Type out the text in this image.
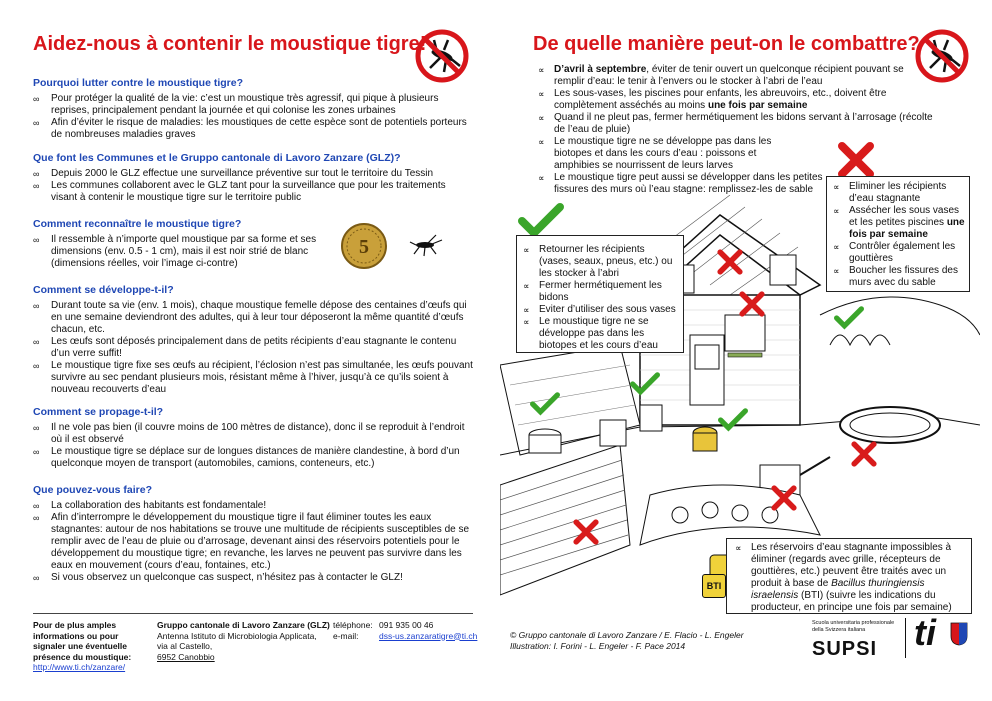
Aidez-nous à contenir le moustique tigre!
Pourquoi lutter contre le moustique tigre?
∞ Pour protéger la qualité de la vie: c’est un moustique très agressif, qui pique à plusieurs reprises, principalement pendant la journée et qui colonise les zones urbaines
∞ Afin d’éviter le risque de maladies: les moustiques de cette espèce sont de potentiels porteurs de nombreuses maladies graves
Que font les Communes et le Gruppo cantonale di Lavoro Zanzare (GLZ)?
∞ Depuis 2000 le GLZ effectue une surveillance préventive sur tout le territoire du Tessin
∞ Les communes collaborent avec le GLZ tant pour la surveillance que pour les traitements visant à contenir le moustique tigre sur le territoire public
Comment reconnaître le moustique tigre?
∞ Il ressemble à n’importe quel moustique par sa forme et ses dimensions (env. 0.5 - 1 cm), mais il est noir strié de blanc (dimensions réelles, voir l’image ci-contre)
5
Comment se développe-t-il?
∞ Durant toute sa vie (env. 1 mois), chaque moustique femelle dépose des centaines d’œufs qui en une semaine deviendront des adultes, qui à leur tour déposeront la même quantité d’œufs chacun, etc.
∞ Les œufs sont déposés principalement dans de petits récipients d’eau stagnante le contenu d’un verre suffit!
∞ Le moustique tigre fixe ses œufs au récipient, l’éclosion n’est pas simultanée, les œufs pouvant survivre au sec pendant plusieurs mois, résistant même à l’hiver, jusqu’à ce qu’ils soient à nouveau recouverts d’eau
Comment se propage-t-il?
∞ Il ne vole pas bien (il couvre moins de 100 mètres de distance), donc il se reproduit à l’endroit où il est observé
∞ Le moustique tigre se déplace sur de longues distances de manière clandestine, à bord d’un quelconque moyen de transport (automobiles, camions, conteneurs, etc.)
Que pouvez-vous faire?
∞ La collaboration des habitants est fondamentale!
∞ Afin d’interrompre le développement du moustique tigre il faut éliminer toutes les eaux stagnantes: autour de nos habitations se trouve une multitude de récipients susceptibles de se remplir avec de l’eau de pluie ou d’arrosage, devenant ainsi des réservoirs potentiels pour le développement du moustique tigre; en revanche, les larves ne peuvent pas survivre dans les eaux en mouvement (cours d’eau, fontaines, etc.)
∞ Si vous observez un quelconque cas suspect, n’hésitez pas à contacter le GLZ!
Pour de plus amples informations ou pour signaler une éventuelle présence du moustique:
http://www.ti.ch/zanzare/
Gruppo cantonale di Lavoro Zanzare (GLZ)
Antenna Istituto di Microbiologia Applicata,
via al Castello,
6952 Canobbio
téléphone: 091 935 00 46
e-mail: dss-us.zanzaratigre@ti.ch
De quelle manière peut-on le combattre?
∝ D’avril à septembre, éviter de tenir ouvert un quelconque récipient pouvant se remplir d’eau: le tenir à l’envers ou le stocker à l’abri de l’eau
∝ Les sous-vases, les piscines pour enfants, les abreuvoirs, etc., doivent être complètement asséchés au moins une fois par semaine
∝ Quand il ne pleut pas, fermer hermétiquement les bidons servant à l’arrosage (récolte de l’eau de pluie)
∝ Le moustique tigre ne se développe pas dans les biotopes et dans les cours d’eau : poissons et amphibies se nourrissent de leurs larves
∝ Le moustique tigre peut aussi se développer dans les petites fissures des murs où l’eau stagne: remplissez-les de sable
∝ Retourner les récipients (vases, seaux, pneus, etc.) ou les stocker à l’abri
∝ Fermer hermétiquement les bidons
∝ Eviter d’utiliser des sous vases
∝ Le moustique tigre ne se développe pas dans les biotopes et les cours d’eau
∝ Eliminer les récipients d’eau stagnante
∝ Assécher les sous vases et les petites piscines une fois par semaine
∝ Contrôler également les gouttières
∝ Boucher les fissures des murs avec du sable
∝ Les réservoirs d’eau stagnante impossibles à éliminer (regards avec grille, récepteurs de gouttières, etc.) peuvent être traités avec un produit à base de Bacillus thuringiensis israelensis (BTI) (suivre les indications du producteur, en principe une fois par semaine)
BTI
© Gruppo cantonale di Lavoro Zanzare / E. Flacio - L. Engeler
Illustration: I. Forini - L. Engeler - F. Pace 2014
Scuola universitaria professionale
della Svizzera italiana
SUPSI	ti
